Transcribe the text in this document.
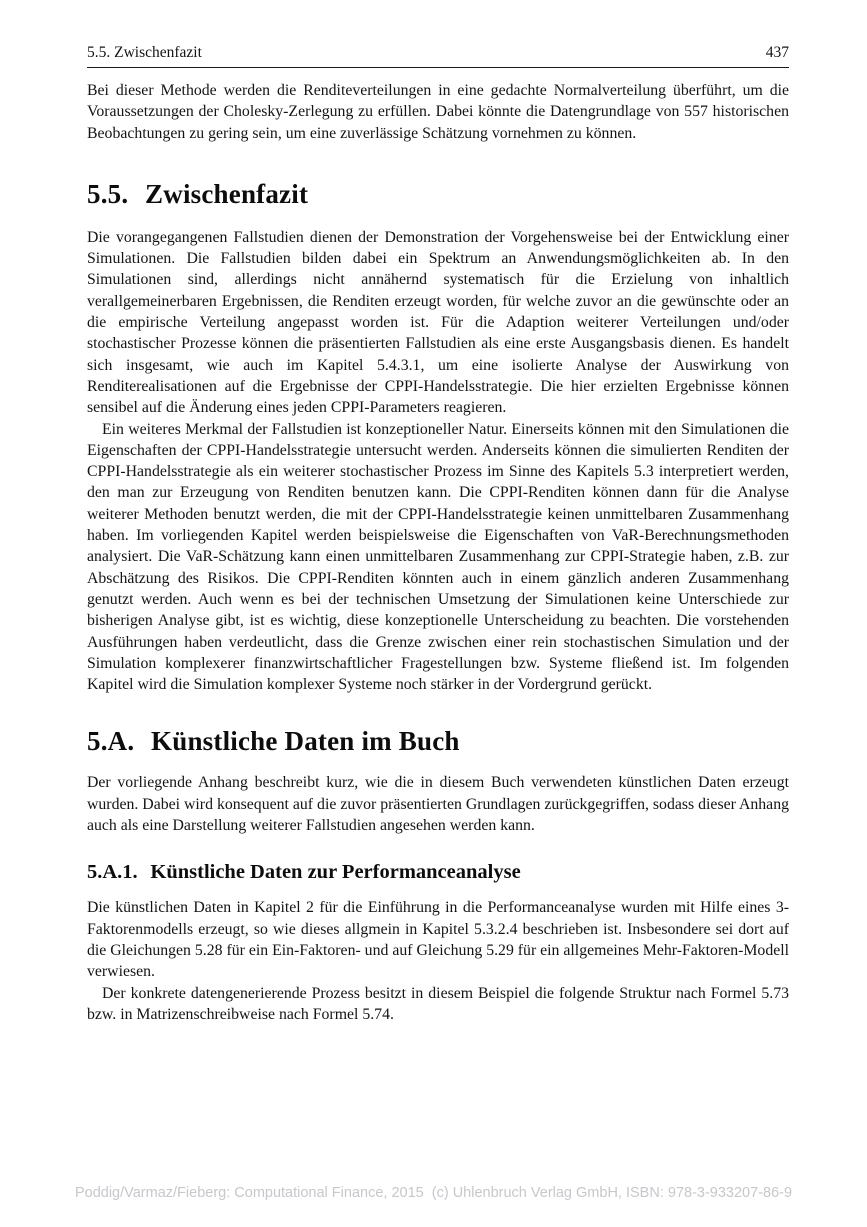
5.5. Zwischenfazit	437

Bei dieser Methode werden die Renditeverteilungen in eine gedachte Normalverteilung überführt, um die Voraussetzungen der Cholesky-Zerlegung zu erfüllen. Dabei könnte die Datengrundlage von 557 historischen Beobachtungen zu gering sein, um eine zuverlässige Schätzung vornehmen zu können.

5.5. Zwischenfazit

Die vorangegangenen Fallstudien dienen der Demonstration der Vorgehensweise bei der Entwicklung einer Simulationen. Die Fallstudien bilden dabei ein Spektrum an Anwendungsmöglichkeiten ab. In den Simulationen sind, allerdings nicht annähernd systematisch für die Erzielung von inhaltlich verallgemeinerbaren Ergebnissen, die Renditen erzeugt worden, für welche zuvor an die gewünschte oder an die empirische Verteilung angepasst worden ist. Für die Adaption weiterer Verteilungen und/oder stochastischer Prozesse können die präsentierten Fallstudien als eine erste Ausgangsbasis dienen. Es handelt sich insgesamt, wie auch im Kapitel 5.4.3.1, um eine isolierte Analyse der Auswirkung von Renditerealisationen auf die Ergebnisse der CPPI-Handelsstrategie. Die hier erzielten Ergebnisse können sensibel auf die Änderung eines jeden CPPI-Parameters reagieren.

Ein weiteres Merkmal der Fallstudien ist konzeptioneller Natur. Einerseits können mit den Simulationen die Eigenschaften der CPPI-Handelsstrategie untersucht werden. Anderseits können die simulierten Renditen der CPPI-Handelsstrategie als ein weiterer stochastischer Prozess im Sinne des Kapitels 5.3 interpretiert werden, den man zur Erzeugung von Renditen benutzen kann. Die CPPI-Renditen können dann für die Analyse weiterer Methoden benutzt werden, die mit der CPPI-Handelsstrategie keinen unmittelbaren Zusammenhang haben. Im vorliegenden Kapitel werden beispielsweise die Eigenschaften von VaR-Berechnungsmethoden analysiert. Die VaR-Schätzung kann einen unmittelbaren Zusammenhang zur CPPI-Strategie haben, z.B. zur Abschätzung des Risikos. Die CPPI-Renditen könnten auch in einem gänzlich anderen Zusammenhang genutzt werden. Auch wenn es bei der technischen Umsetzung der Simulationen keine Unterschiede zur bisherigen Analyse gibt, ist es wichtig, diese konzeptionelle Unterscheidung zu beachten. Die vorstehenden Ausführungen haben verdeutlicht, dass die Grenze zwischen einer rein stochastischen Simulation und der Simulation komplexerer finanzwirtschaftlicher Fragestellungen bzw. Systeme fließend ist. Im folgenden Kapitel wird die Simulation komplexer Systeme noch stärker in der Vordergrund gerückt.

5.A. Künstliche Daten im Buch

Der vorliegende Anhang beschreibt kurz, wie die in diesem Buch verwendeten künstlichen Daten erzeugt wurden. Dabei wird konsequent auf die zuvor präsentierten Grundlagen zurückgegriffen, sodass dieser Anhang auch als eine Darstellung weiterer Fallstudien angesehen werden kann.

5.A.1. Künstliche Daten zur Performanceanalyse

Die künstlichen Daten in Kapitel 2 für die Einführung in die Performanceanalyse wurden mit Hilfe eines 3-Faktorenmodells erzeugt, so wie dieses allgmein in Kapitel 5.3.2.4 beschrieben ist. Insbesondere sei dort auf die Gleichungen 5.28 für ein Ein-Faktoren- und auf Gleichung 5.29 für ein allgemeines Mehr-Faktoren-Modell verwiesen.

Der konkrete datengenerierende Prozess besitzt in diesem Beispiel die folgende Struktur nach Formel 5.73 bzw. in Matrizenschreibweise nach Formel 5.74.

Poddig/Varmaz/Fieberg: Computational Finance, 2015  (c) Uhlenbruch Verlag GmbH, ISBN: 978-3-933207-86-9
